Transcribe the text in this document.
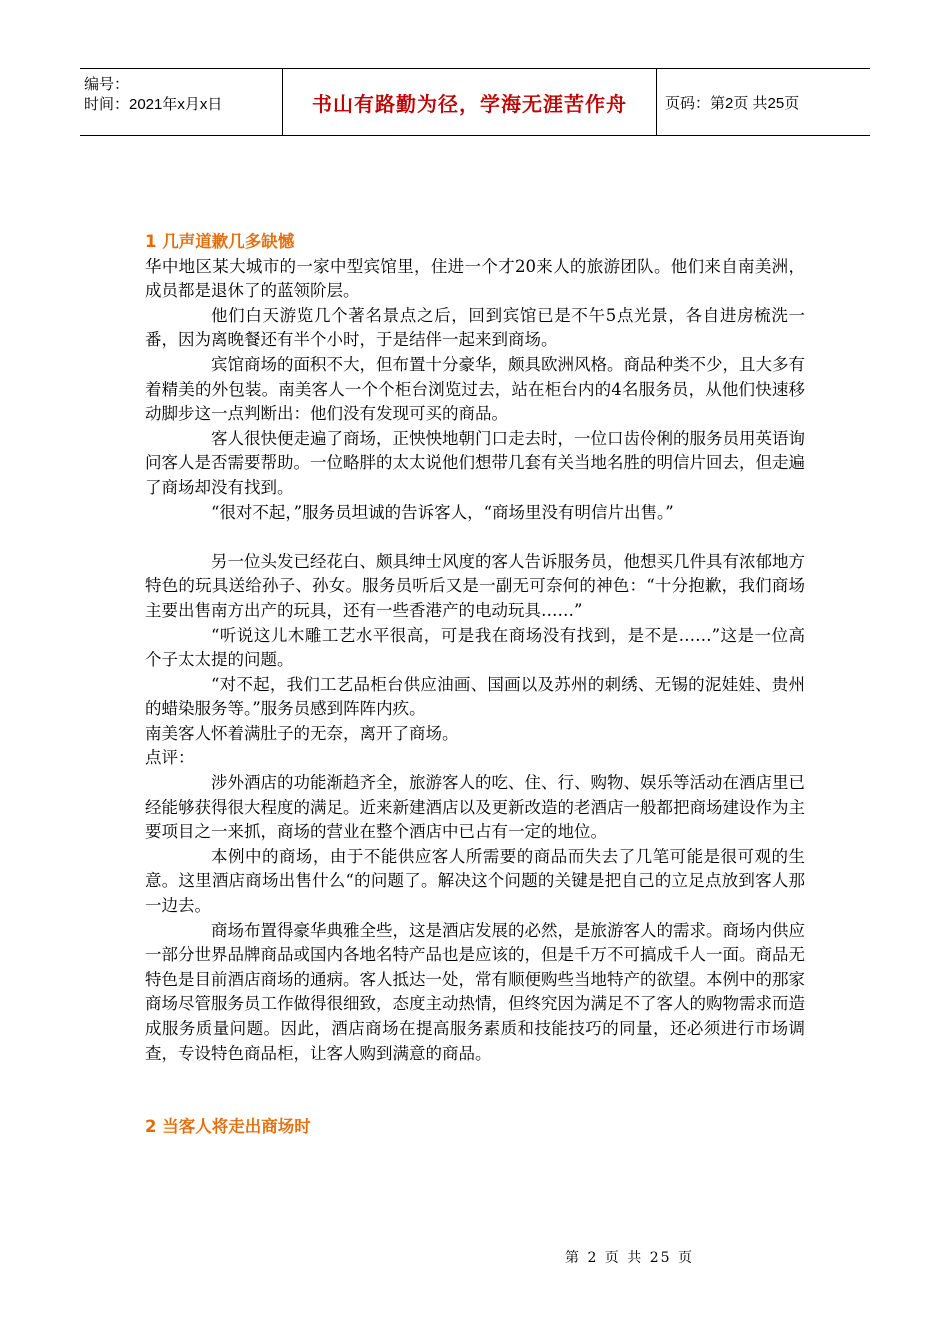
编号：
时间：2021年x月x日	书山有路勤为径，学海无涯苦作舟	页码：第2页 共25页
1 几声道歉几多缺憾

华中地区某大城市的一家中型宾馆里，住进一个才20来人的旅游团队。他们来自南美洲，成员都是退休了的蓝领阶层。

他们白天游览几个著名景点之后，回到宾馆已是不午5点光景，各自进房梳洗一番，因为离晚餐还有半个小时，于是结伴一起来到商场。

宾馆商场的面积不大，但布置十分豪华，颇具欧洲风格。商品种类不少，且大多有着精美的外包装。南美客人一个个柜台浏览过去，站在柜台内的4名服务员，从他们快速移动脚步这一点判断出：他们没有发现可买的商品。

客人很快便走遍了商场，正怏怏地朝门口走去时，一位口齿伶俐的服务员用英语询问客人是否需要帮助。一位略胖的太太说他们想带几套有关当地名胜的明信片回去，但走遍了商场却没有找到。

“很对不起，”服务员坦诚的告诉客人，“商场里没有明信片出售。”

另一位头发已经花白、颇具绅士风度的客人告诉服务员，他想买几件具有浓郁地方特色的玩具送给孙子、孙女。服务员听后又是一副无可奈何的神色：“十分抱歉，我们商场主要出售南方出产的玩具，还有一些香港产的电动玩具……”

“听说这儿木雕工艺水平很高，可是我在商场没有找到，是不是……”这是一位高个子太太提的问题。

“对不起，我们工艺品柜台供应油画、国画以及苏州的刺绣、无锡的泥娃娃、贵州的蜡染服务等。”服务员感到阵阵内疚。

南美客人怀着满肚子的无奈，离开了商场。

点评：

涉外酒店的功能渐趋齐全，旅游客人的吃、住、行、购物、娱乐等活动在酒店里已经能够获得很大程度的满足。近来新建酒店以及更新改造的老酒店一般都把商场建设作为主要项目之一来抓，商场的营业在整个酒店中已占有一定的地位。

本例中的商场，由于不能供应客人所需要的商品而失去了几笔可能是很可观的生意。这里酒店商场出售什么“的问题了。解决这个问题的关键是把自己的立足点放到客人那一边去。

商场布置得豪华典雅全些，这是酒店发展的必然，是旅游客人的需求。商场内供应一部分世界品牌商品或国内各地名特产品也是应该的，但是千万不可搞成千人一面。商品无特色是目前酒店商场的通病。客人抵达一处，常有顺便购些当地特产的欲望。本例中的那家商场尽管服务员工作做得很细致，态度主动热情，但终究因为满足不了客人的购物需求而造成服务质量问题。因此，酒店商场在提高服务素质和技能技巧的同量，还必须进行市场调查，专设特色商品柜，让客人购到满意的商品。

2 当客人将走出商场时
第 2 页 共 25 页
